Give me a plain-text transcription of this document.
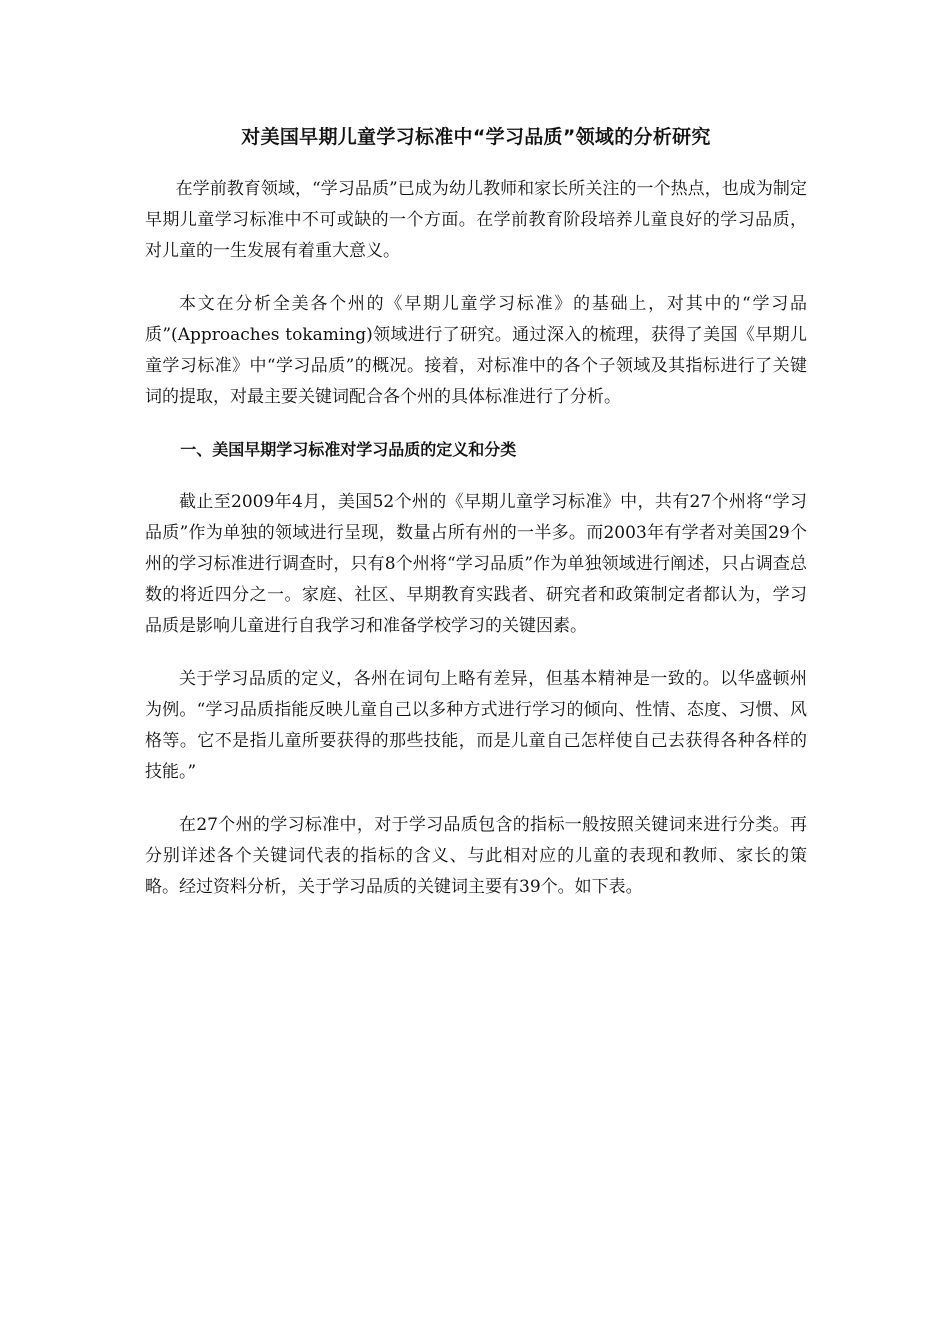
对美国早期儿童学习标准中“学习品质”领域的分析研究

在学前教育领域，“学习品质”已成为幼儿教师和家长所关注的一个热点，也成为制定早期儿童学习标准中不可或缺的一个方面。在学前教育阶段培养儿童良好的学习品质，对儿童的一生发展有着重大意义。

本文在分析全美各个州的《早期儿童学习标准》的基础上，对其中的“学习品质”(Approaches tokaming)领域进行了研究。通过深入的梳理，获得了美国《早期儿童学习标准》中“学习品质”的概况。接着，对标准中的各个子领域及其指标进行了关键词的提取，对最主要关键词配合各个州的具体标准进行了分析。

一、美国早期学习标准对学习品质的定义和分类

截止至2009年4月，美国52个州的《早期儿童学习标准》中，共有27个州将“学习品质”作为单独的领域进行呈现，数量占所有州的一半多。而2003年有学者对美国29个州的学习标准进行调查时，只有8个州将“学习品质”作为单独领域进行阐述，只占调查总数的将近四分之一。家庭、社区、早期教育实践者、研究者和政策制定者都认为，学习品质是影响儿童进行自我学习和准备学校学习的关键因素。

关于学习品质的定义，各州在词句上略有差异，但基本精神是一致的。以华盛顿州为例。“学习品质指能反映儿童自己以多种方式进行学习的倾向、性情、态度、习惯、风格等。它不是指儿童所要获得的那些技能，而是儿童自己怎样使自己去获得各种各样的技能。”

在27个州的学习标准中，对于学习品质包含的指标一般按照关键词来进行分类。再分别详述各个关键词代表的指标的含义、与此相对应的儿童的表现和教师、家长的策略。经过资料分析，关于学习品质的关键词主要有39个。如下表。
